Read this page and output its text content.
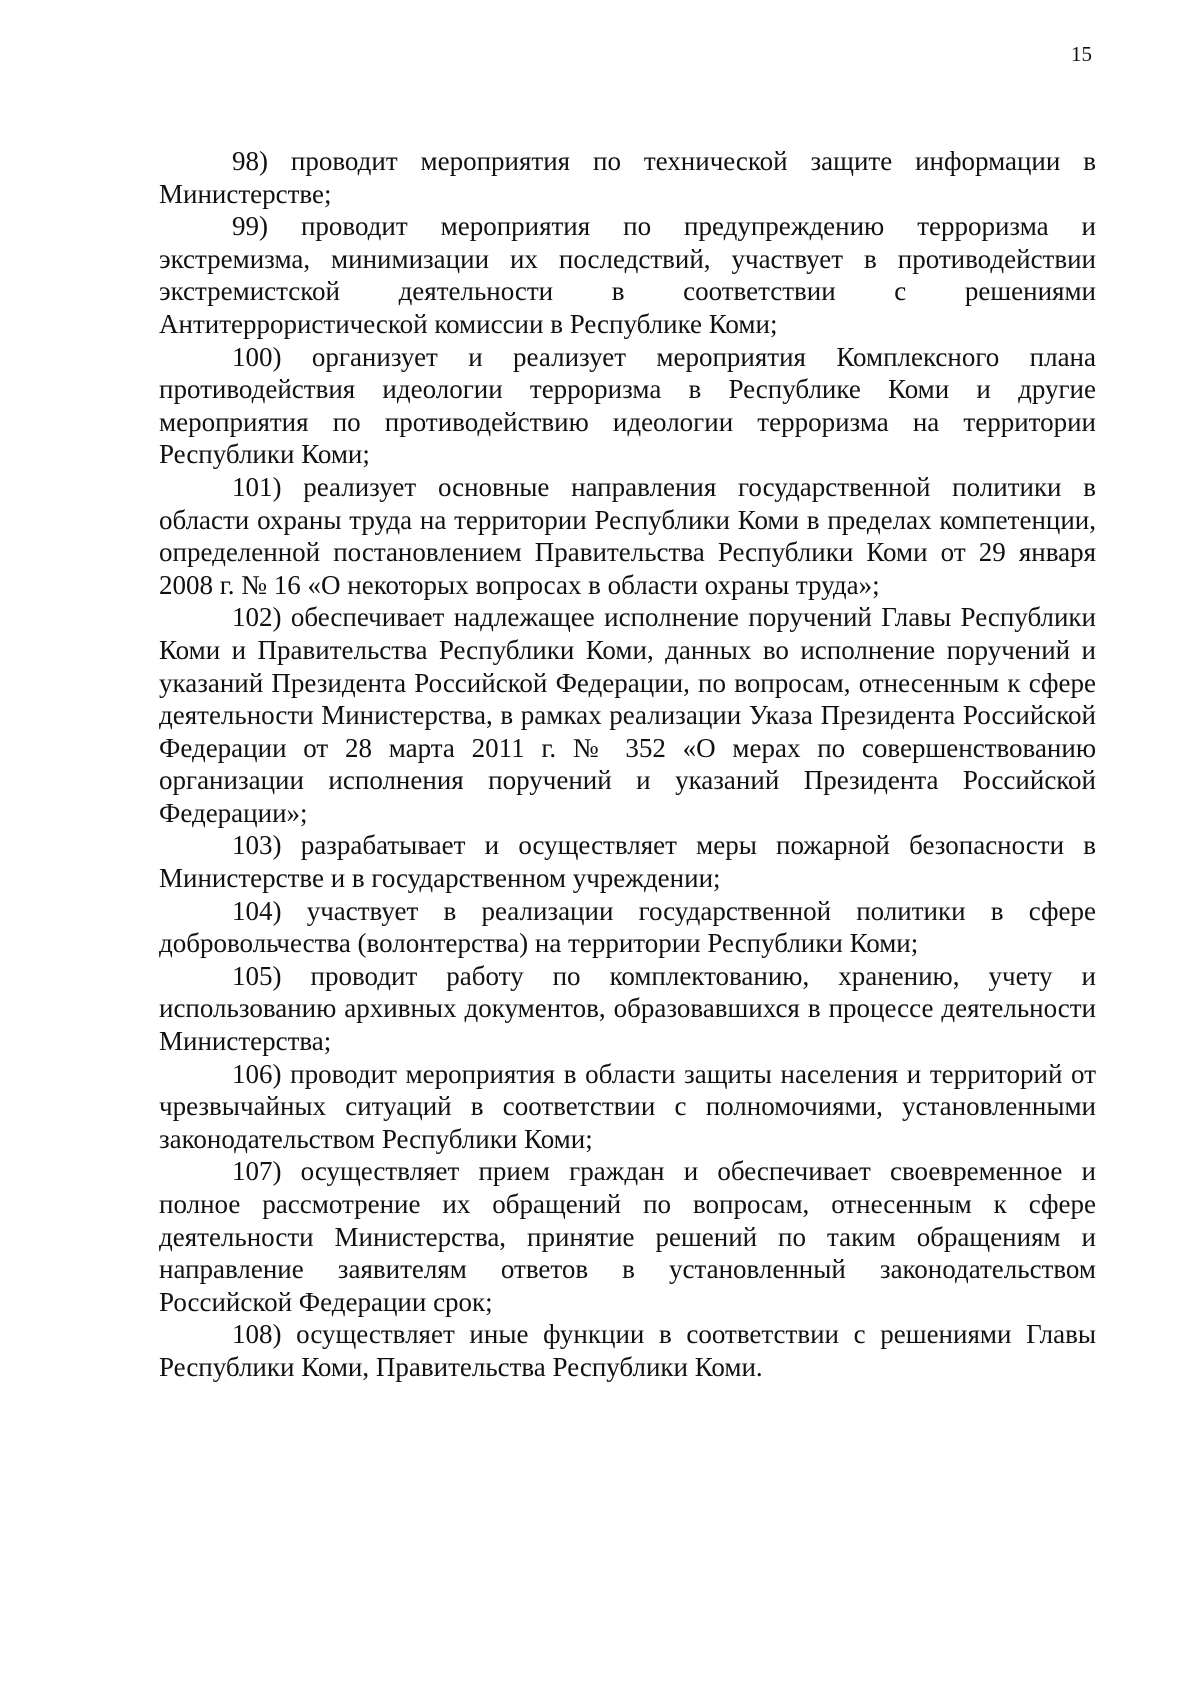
15

98) проводит мероприятия по технической защите информации в Министерстве;

99) проводит мероприятия по предупреждению терроризма и экстремизма, минимизации их последствий, участвует в противодействии экстремистской деятельности в соответствии с решениями Антитеррористической комиссии в Республике Коми;

100) организует и реализует мероприятия Комплексного плана противодействия идеологии терроризма в Республике Коми и другие мероприятия по противодействию идеологии терроризма на территории Республики Коми;

101) реализует основные направления государственной политики в области охраны труда на территории Республики Коми в пределах компетенции, определенной постановлением Правительства Республики Коми от 29 января 2008 г. № 16 «О некоторых вопросах в области охраны труда»;

102) обеспечивает надлежащее исполнение поручений Главы Республики Коми и Правительства Республики Коми, данных во исполнение поручений и указаний Президента Российской Федерации, по вопросам, отнесенным к сфере деятельности Министерства, в рамках реализации Указа Президента Российской Федерации от 28 марта 2011 г. № 352 «О мерах по совершенствованию организации исполнения поручений и указаний Президента Российской Федерации»;

103) разрабатывает и осуществляет меры пожарной безопасности в Министерстве и в государственном учреждении;

104) участвует в реализации государственной политики в сфере добровольчества (волонтерства) на территории Республики Коми;

105) проводит работу по комплектованию, хранению, учету и использованию архивных документов, образовавшихся в процессе деятельности Министерства;

106) проводит мероприятия в области защиты населения и территорий от чрезвычайных ситуаций в соответствии с полномочиями, установленными законодательством Республики Коми;

107) осуществляет прием граждан и обеспечивает своевременное и полное рассмотрение их обращений по вопросам, отнесенным к сфере деятельности Министерства, принятие решений по таким обращениям и направление заявителям ответов в установленный законодательством Российской Федерации срок;

108) осуществляет иные функции в соответствии с решениями Главы Республики Коми, Правительства Республики Коми.
